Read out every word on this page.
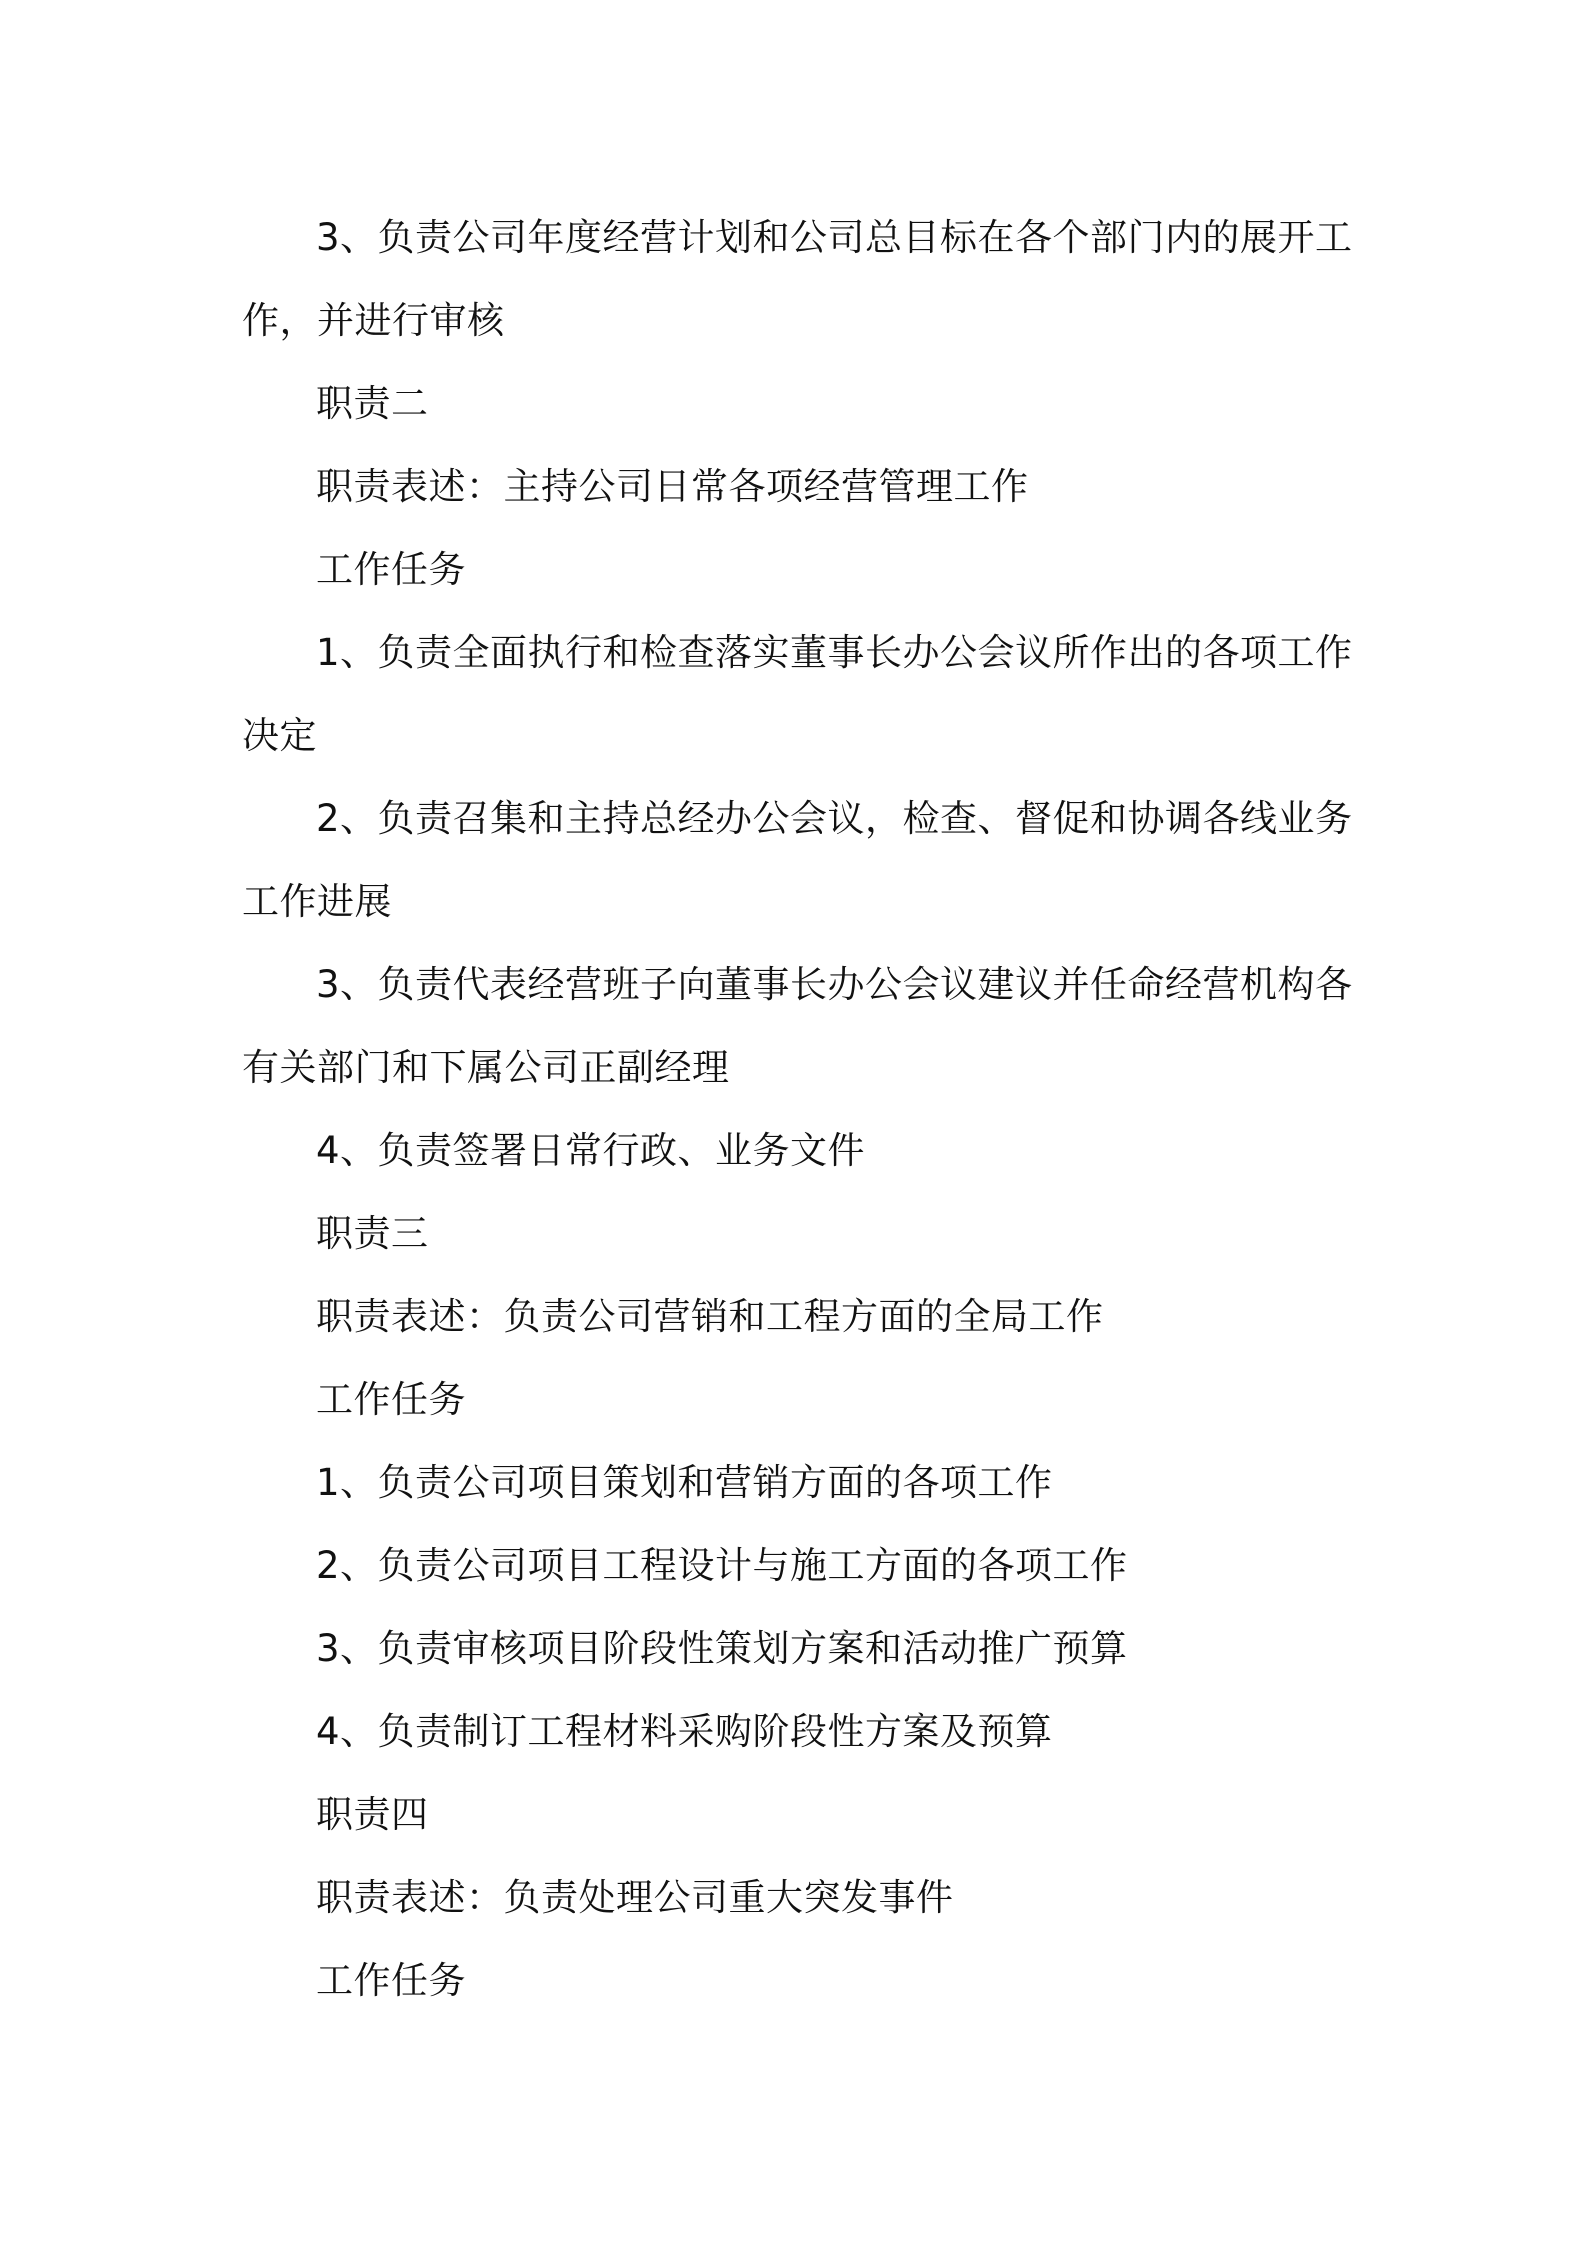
3、负责公司年度经营计划和公司总目标在各个部门内的展开工作，并进行审核

职责二

职责表述：主持公司日常各项经营管理工作

工作任务

1、负责全面执行和检查落实董事长办公会议所作出的各项工作决定

2、负责召集和主持总经办公会议，检查、督促和协调各线业务工作进展

3、负责代表经营班子向董事长办公会议建议并任命经营机构各有关部门和下属公司正副经理

4、负责签署日常行政、业务文件

职责三

职责表述：负责公司营销和工程方面的全局工作

工作任务

1、负责公司项目策划和营销方面的各项工作

2、负责公司项目工程设计与施工方面的各项工作

3、负责审核项目阶段性策划方案和活动推广预算

4、负责制订工程材料采购阶段性方案及预算

职责四

职责表述：负责处理公司重大突发事件

工作任务
